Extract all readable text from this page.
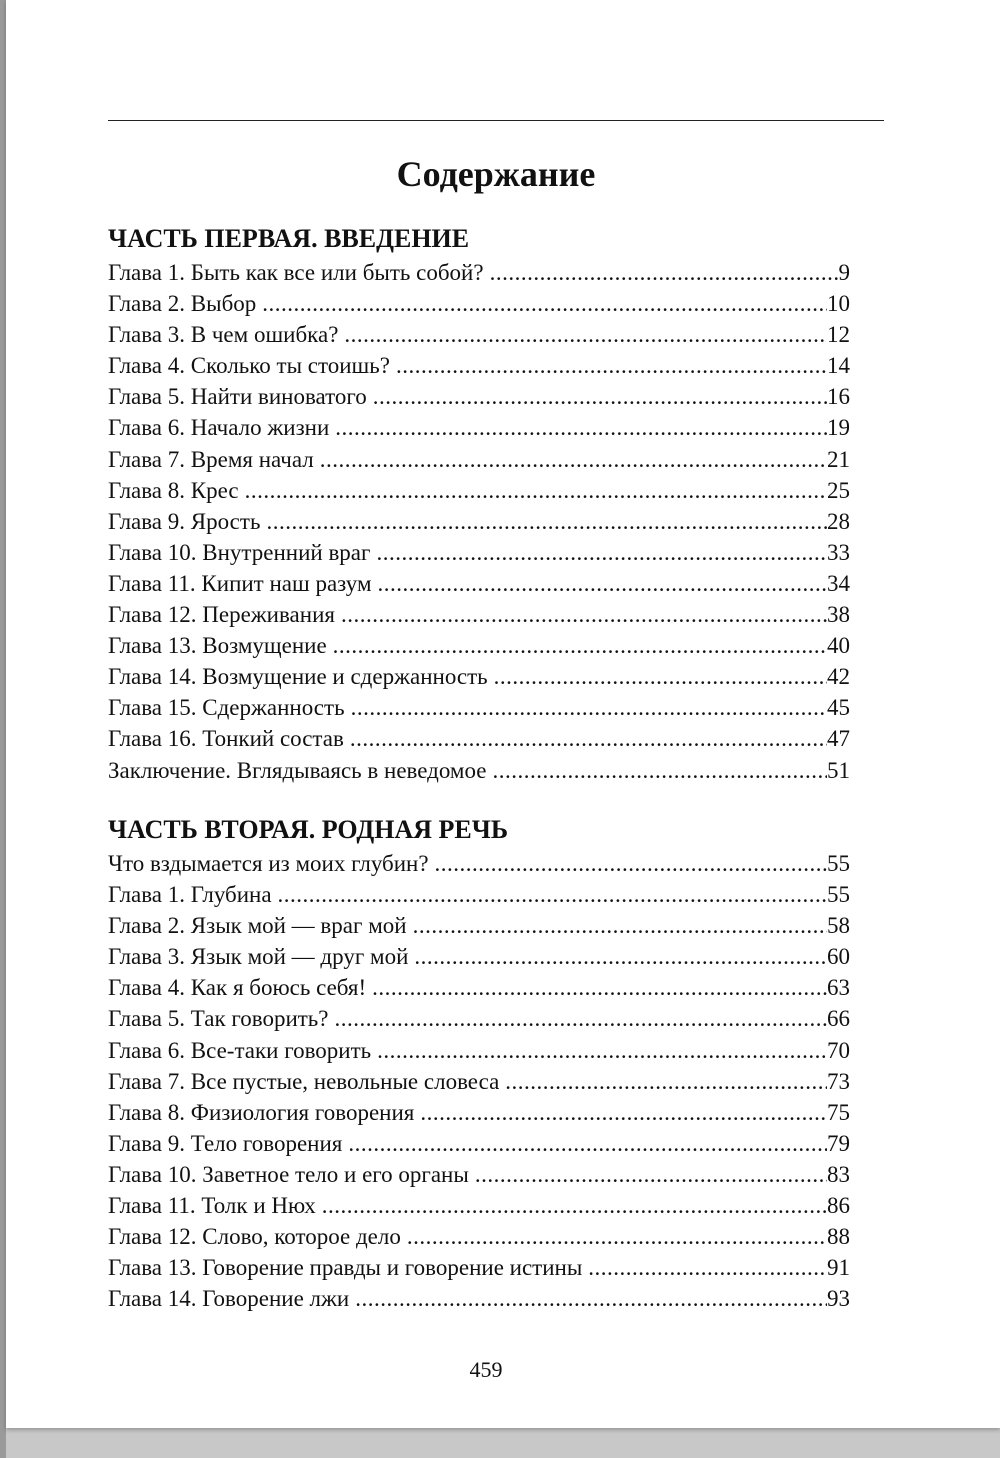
Содержание
ЧАСТЬ ПЕРВАЯ. ВВЕДЕНИЕ
Глава 1. Быть как все или быть собой? .....	9
Глава 2. Выбор .....	10
Глава 3. В чем ошибка? .....	12
Глава 4. Сколько ты стоишь? .....	14
Глава 5. Найти виноватого .....	16
Глава 6. Начало жизни .....	19
Глава 7. Время начал .....	21
Глава 8. Крес .....	25
Глава 9. Ярость .....	28
Глава 10. Внутренний враг .....	33
Глава 11. Кипит наш разум .....	34
Глава 12. Переживания .....	38
Глава 13. Возмущение .....	40
Глава 14. Возмущение и сдержанность .....	42
Глава 15. Сдержанность .....	45
Глава 16. Тонкий состав .....	47
Заключение. Вглядываясь в неведомое .....	51
ЧАСТЬ ВТОРАЯ. РОДНАЯ РЕЧЬ
Что вздымается из моих глубин? .....	55
Глава 1. Глубина .....	55
Глава 2. Язык мой — враг мой .....	58
Глава 3. Язык мой — друг мой .....	60
Глава 4. Как я боюсь себя! .....	63
Глава 5. Так говорить? .....	66
Глава 6. Все-таки говорить .....	70
Глава 7. Все пустые, невольные словеса .....	73
Глава 8. Физиология говорения .....	75
Глава 9. Тело говорения .....	79
Глава 10. Заветное тело и его органы .....	83
Глава 11. Толк и Нюх .....	86
Глава 12. Слово, которое дело .....	88
Глава 13. Говорение правды и говорение истины .....	91
Глава 14. Говорение лжи .....	93
459
